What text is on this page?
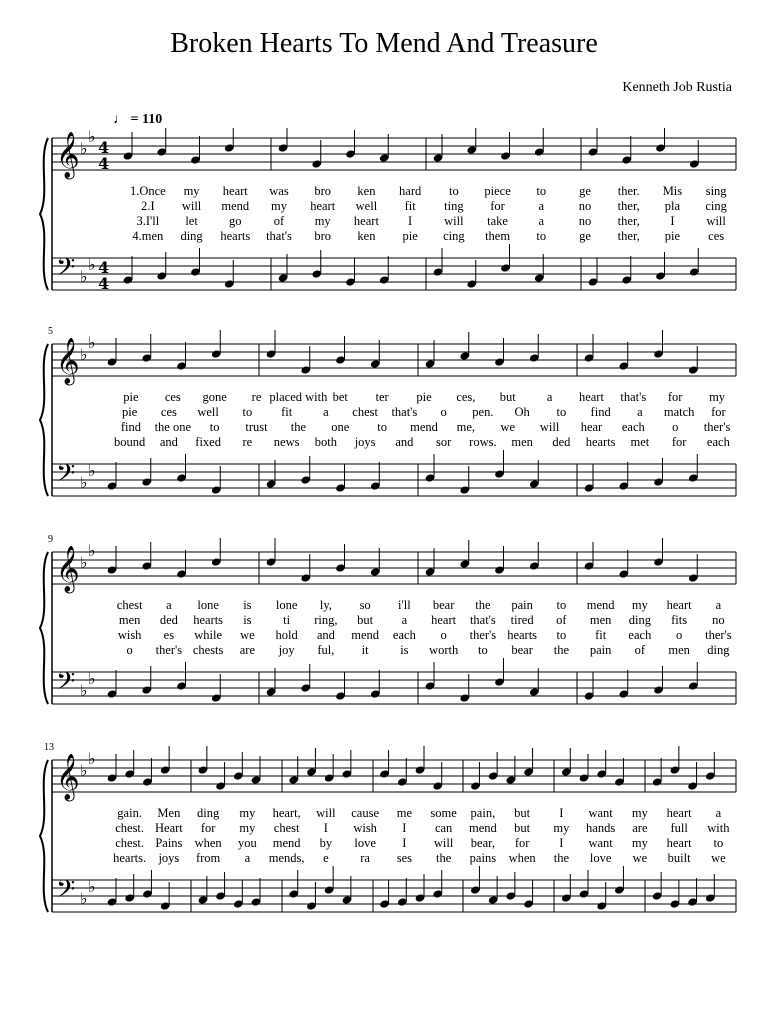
Broken Hearts To Mend And Treasure
Kenneth Job Rustia
♩ = 110
𝄞
𝄢
♭
♭
♭
♭
4
4
4
4
1.Once my heart was bro ken hard to piece to	ge ther. Mis sing
2.I will mend my heart well fit ting for	a	no ther, pla cing
3.I'll let go	of my heart I	will take a	no ther, I	will
4.men ding hearts that's bro ken pie cing them to	ge ther, pie ces
𝄞
𝄢
♭
♭
♭
♭
5
pie ces gone re placed with bet ter pie ces, but a heart that's for my
pie ces well to fit a chest that's o pen. Oh to find a match for
find the one to trust the one to mend me, we will hear each o ther's
bound and fixed re news both joys and sor rows. men ded hearts met for each
𝄞
𝄢
♭
♭
♭
♭
9
chest a lone is lone ly, so i'll bear the pain to mend my heart a
men ded hearts is	ti ring, but a heart that's tired of men ding fits no
wish es while we hold and mend each o ther's hearts to fit each o ther's
o ther's chests are joy ful, it	is worth to bear the pain of men ding
𝄞
𝄢
♭
♭
♭
♭
13
gain. Men ding my heart, will cause me some pain, but I want my heart a
chest. Heart for my chest I wish I can mend but my hands are full with
chest. Pains when you mend by love I will bear, for I want my heart to
hearts. joys from a mends, e	ra ses the pains when the love we built we
